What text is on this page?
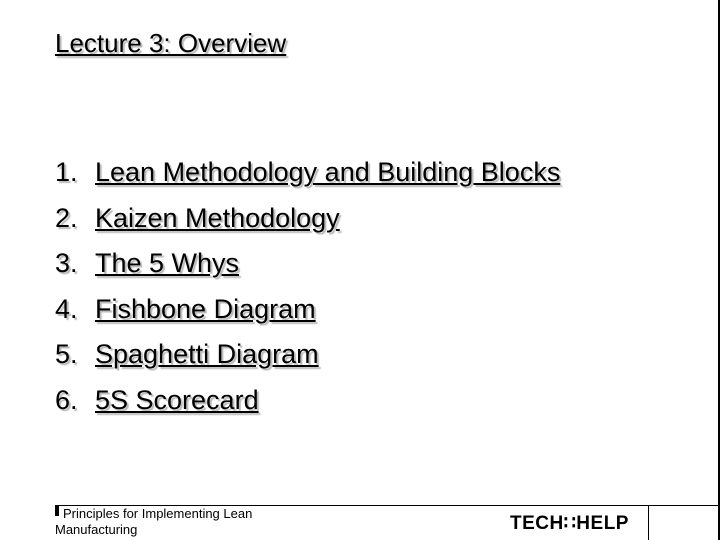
Lecture 3: Overview
1. Lean Methodology and Building Blocks
2. Kaizen Methodology
3. The 5 Whys
4. Fishbone Diagram
5. Spaghetti Diagram
6. 5S Scorecard
Principles for Implementing Lean
Manufacturing	TECH∷HELP
